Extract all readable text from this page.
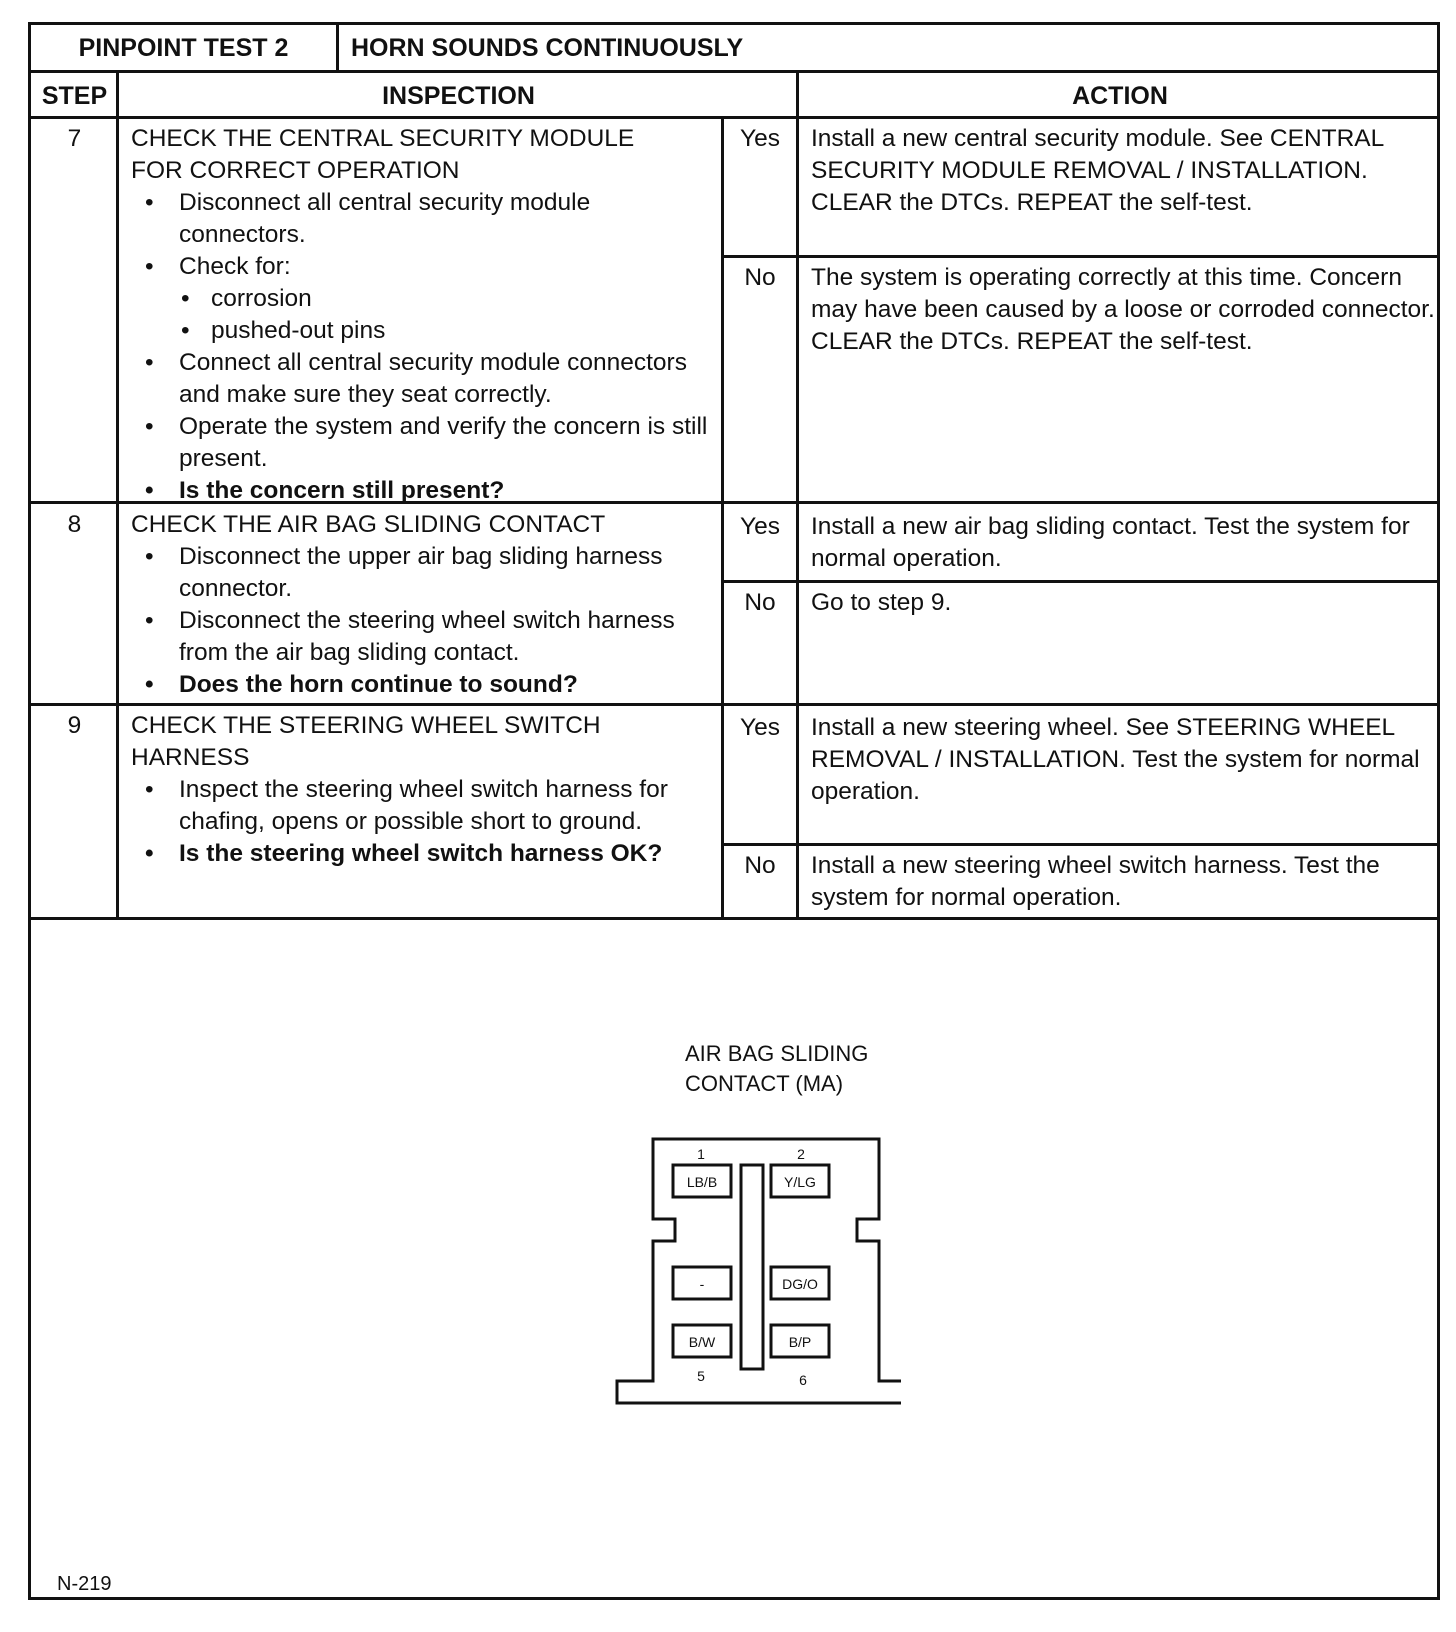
PINPOINT TEST 2	HORN SOUNDS CONTINUOUSLY
STEP	INSPECTION	ACTION
7	CHECK THE CENTRAL SECURITY MODULE
FOR CORRECT OPERATION
• Disconnect all central security module connectors.
• Check for:
• corrosion
• pushed-out pins
• Connect all central security module connectors and make sure they seat correctly.
• Operate the system and verify the concern is still present.
• Is the concern still present?
Yes	Install a new central security module. See CENTRAL SECURITY MODULE REMOVAL / INSTALLATION. CLEAR the DTCs. REPEAT the self-test.
No	The system is operating correctly at this time. Concern may have been caused by a loose or corroded connector. CLEAR the DTCs. REPEAT the self-test.
8	CHECK THE AIR BAG SLIDING CONTACT
• Disconnect the upper air bag sliding harness connector.
• Disconnect the steering wheel switch harness from the air bag sliding contact.
• Does the horn continue to sound?
Yes	Install a new air bag sliding contact. Test the system for normal operation.
No	Go to step 9.
9	CHECK THE STEERING WHEEL SWITCH
HARNESS
• Inspect the steering wheel switch harness for chafing, opens or possible short to ground.
• Is the steering wheel switch harness OK?
Yes	Install a new steering wheel. See STEERING WHEEL REMOVAL / INSTALLATION. Test the system for normal operation.
No	Install a new steering wheel switch harness. Test the system for normal operation.
AIR BAG SLIDING
CONTACT (MA)
1	2
LB/B	Y/LG
-	DG/O
B/W	B/P
5	6
N-219
